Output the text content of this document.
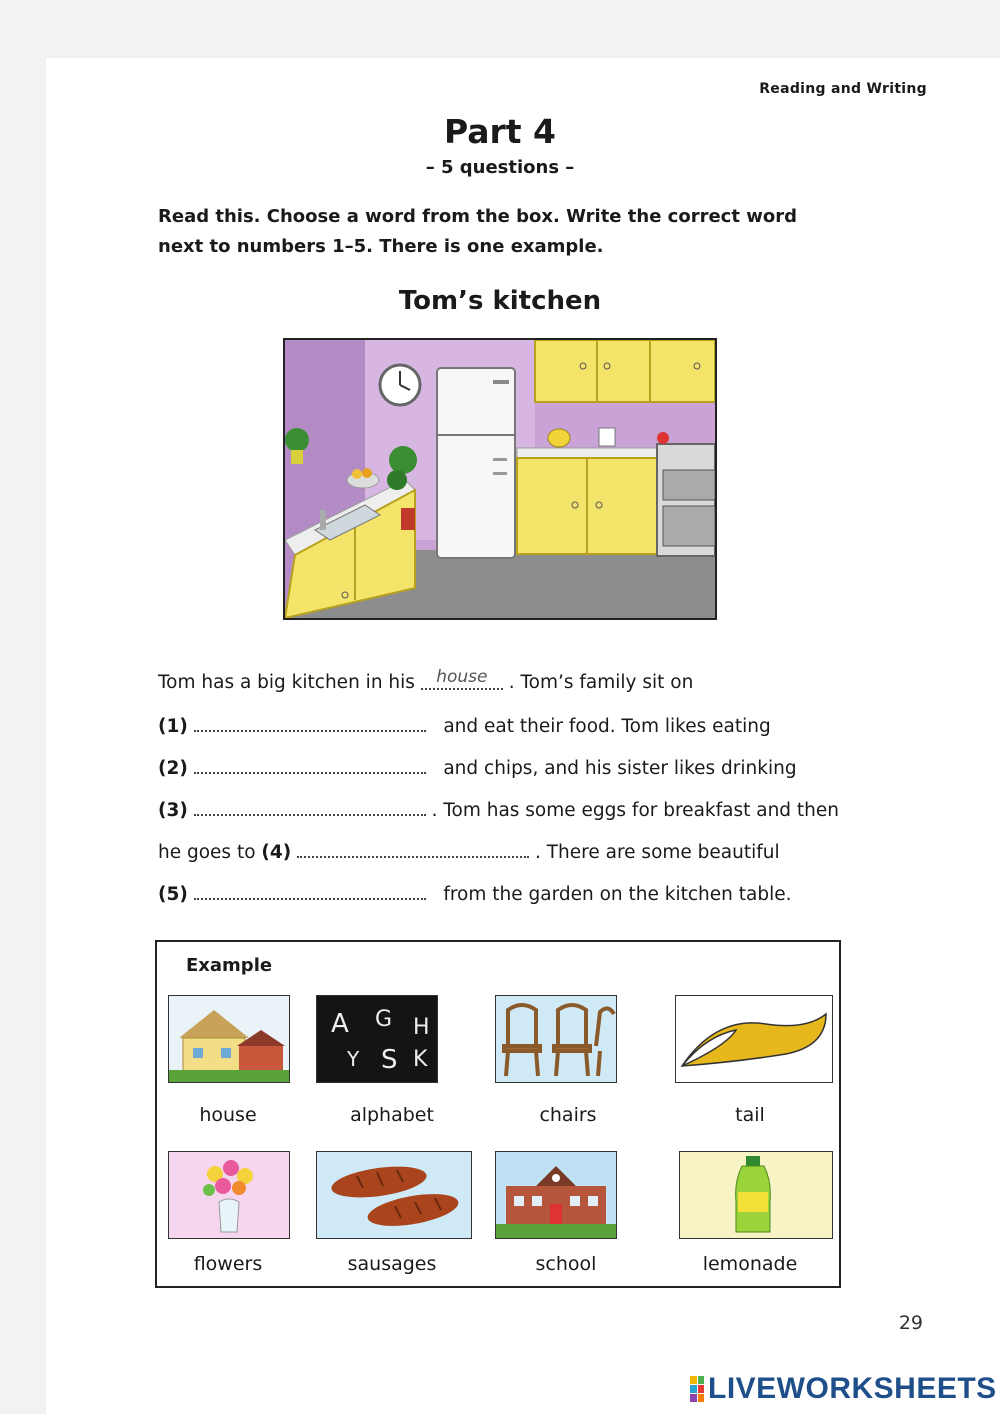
Reading and Writing
Part 4
– 5 questions –
Read this. Choose a word from the box. Write the correct word
next to numbers 1–5. There is one example.
Tom’s kitchen
Tom has a big kitchen in his house . Tom’s family sit on
(1)	and eat their food. Tom likes eating
(2)	and chips, and his sister likes drinking
(3)	. Tom has some eggs for breakfast and then
he goes to (4)	. There are some beautiful
(5)	from the garden on the kitchen table.
Example
A G H
Y S K
house	alphabet	chairs	tail
flowers	sausages	school	lemonade
29
LIVEWORKSHEETS
